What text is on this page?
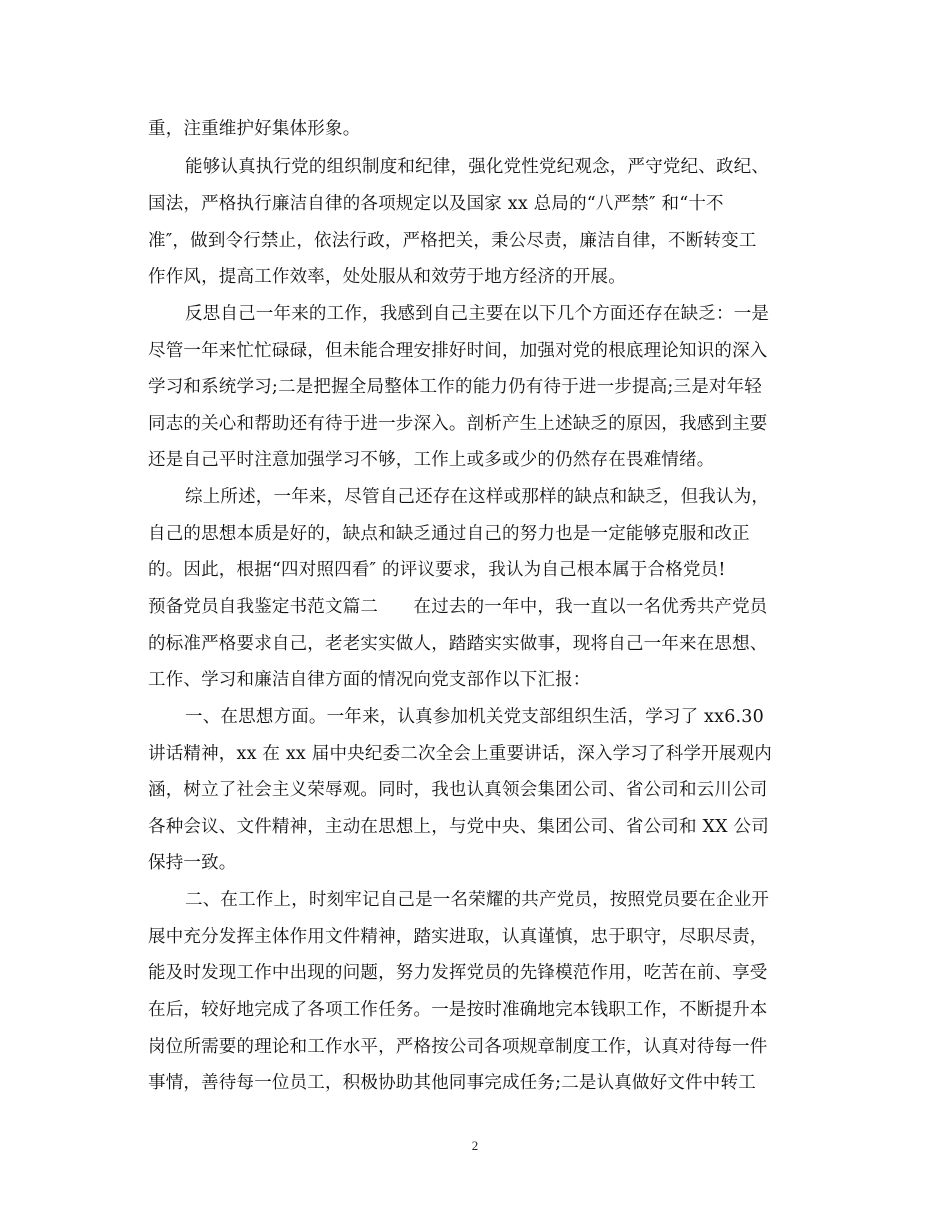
重，注重维护好集体形象。

能够认真执行党的组织制度和纪律，强化党性党纪观念，严守党纪、政纪、

国法，严格执行廉洁自律的各项规定以及国家 xx 总局的“八严禁″ 和“十不

准″，做到令行禁止，依法行政，严格把关，秉公尽责，廉洁自律，不断转变工

作作风，提高工作效率，处处服从和效劳于地方经济的开展。

反思自己一年来的工作，我感到自己主要在以下几个方面还存在缺乏：一是

尽管一年来忙忙碌碌，但未能合理安排好时间，加强对党的根底理论知识的深入

学习和系统学习;二是把握全局整体工作的能力仍有待于进一步提高;三是对年轻

同志的关心和帮助还有待于进一步深入。剖析产生上述缺乏的原因，我感到主要

还是自己平时注意加强学习不够，工作上或多或少的仍然存在畏难情绪。

综上所述，一年来，尽管自己还存在这样或那样的缺点和缺乏，但我认为，

自己的思想本质是好的，缺点和缺乏通过自己的努力也是一定能够克服和改正

的。因此，根据“四对照四看″ 的评议要求，我认为自己根本属于合格党员!

预备党员自我鉴定书范文篇二　　在过去的一年中，我一直以一名优秀共产党员

的标准严格要求自己，老老实实做人，踏踏实实做事，现将自己一年来在思想、

工作、学习和廉洁自律方面的情况向党支部作以下汇报：

一、在思想方面。一年来，认真参加机关党支部组织生活，学习了 xx6.30

讲话精神，xx 在 xx 届中央纪委二次全会上重要讲话，深入学习了科学开展观内

涵，树立了社会主义荣辱观。同时，我也认真领会集团公司、省公司和云川公司

各种会议、文件精神，主动在思想上，与党中央、集团公司、省公司和 XX 公司

保持一致。

二、在工作上，时刻牢记自己是一名荣耀的共产党员，按照党员要在企业开

展中充分发挥主体作用文件精神，踏实进取，认真谨慎，忠于职守，尽职尽责，

能及时发现工作中出现的问题，努力发挥党员的先锋模范作用，吃苦在前、享受

在后，较好地完成了各项工作任务。一是按时准确地完本钱职工作，不断提升本

岗位所需要的理论和工作水平，严格按公司各项规章制度工作，认真对待每一件

事情，善待每一位员工，积极协助其他同事完成任务;二是认真做好文件中转工

2
